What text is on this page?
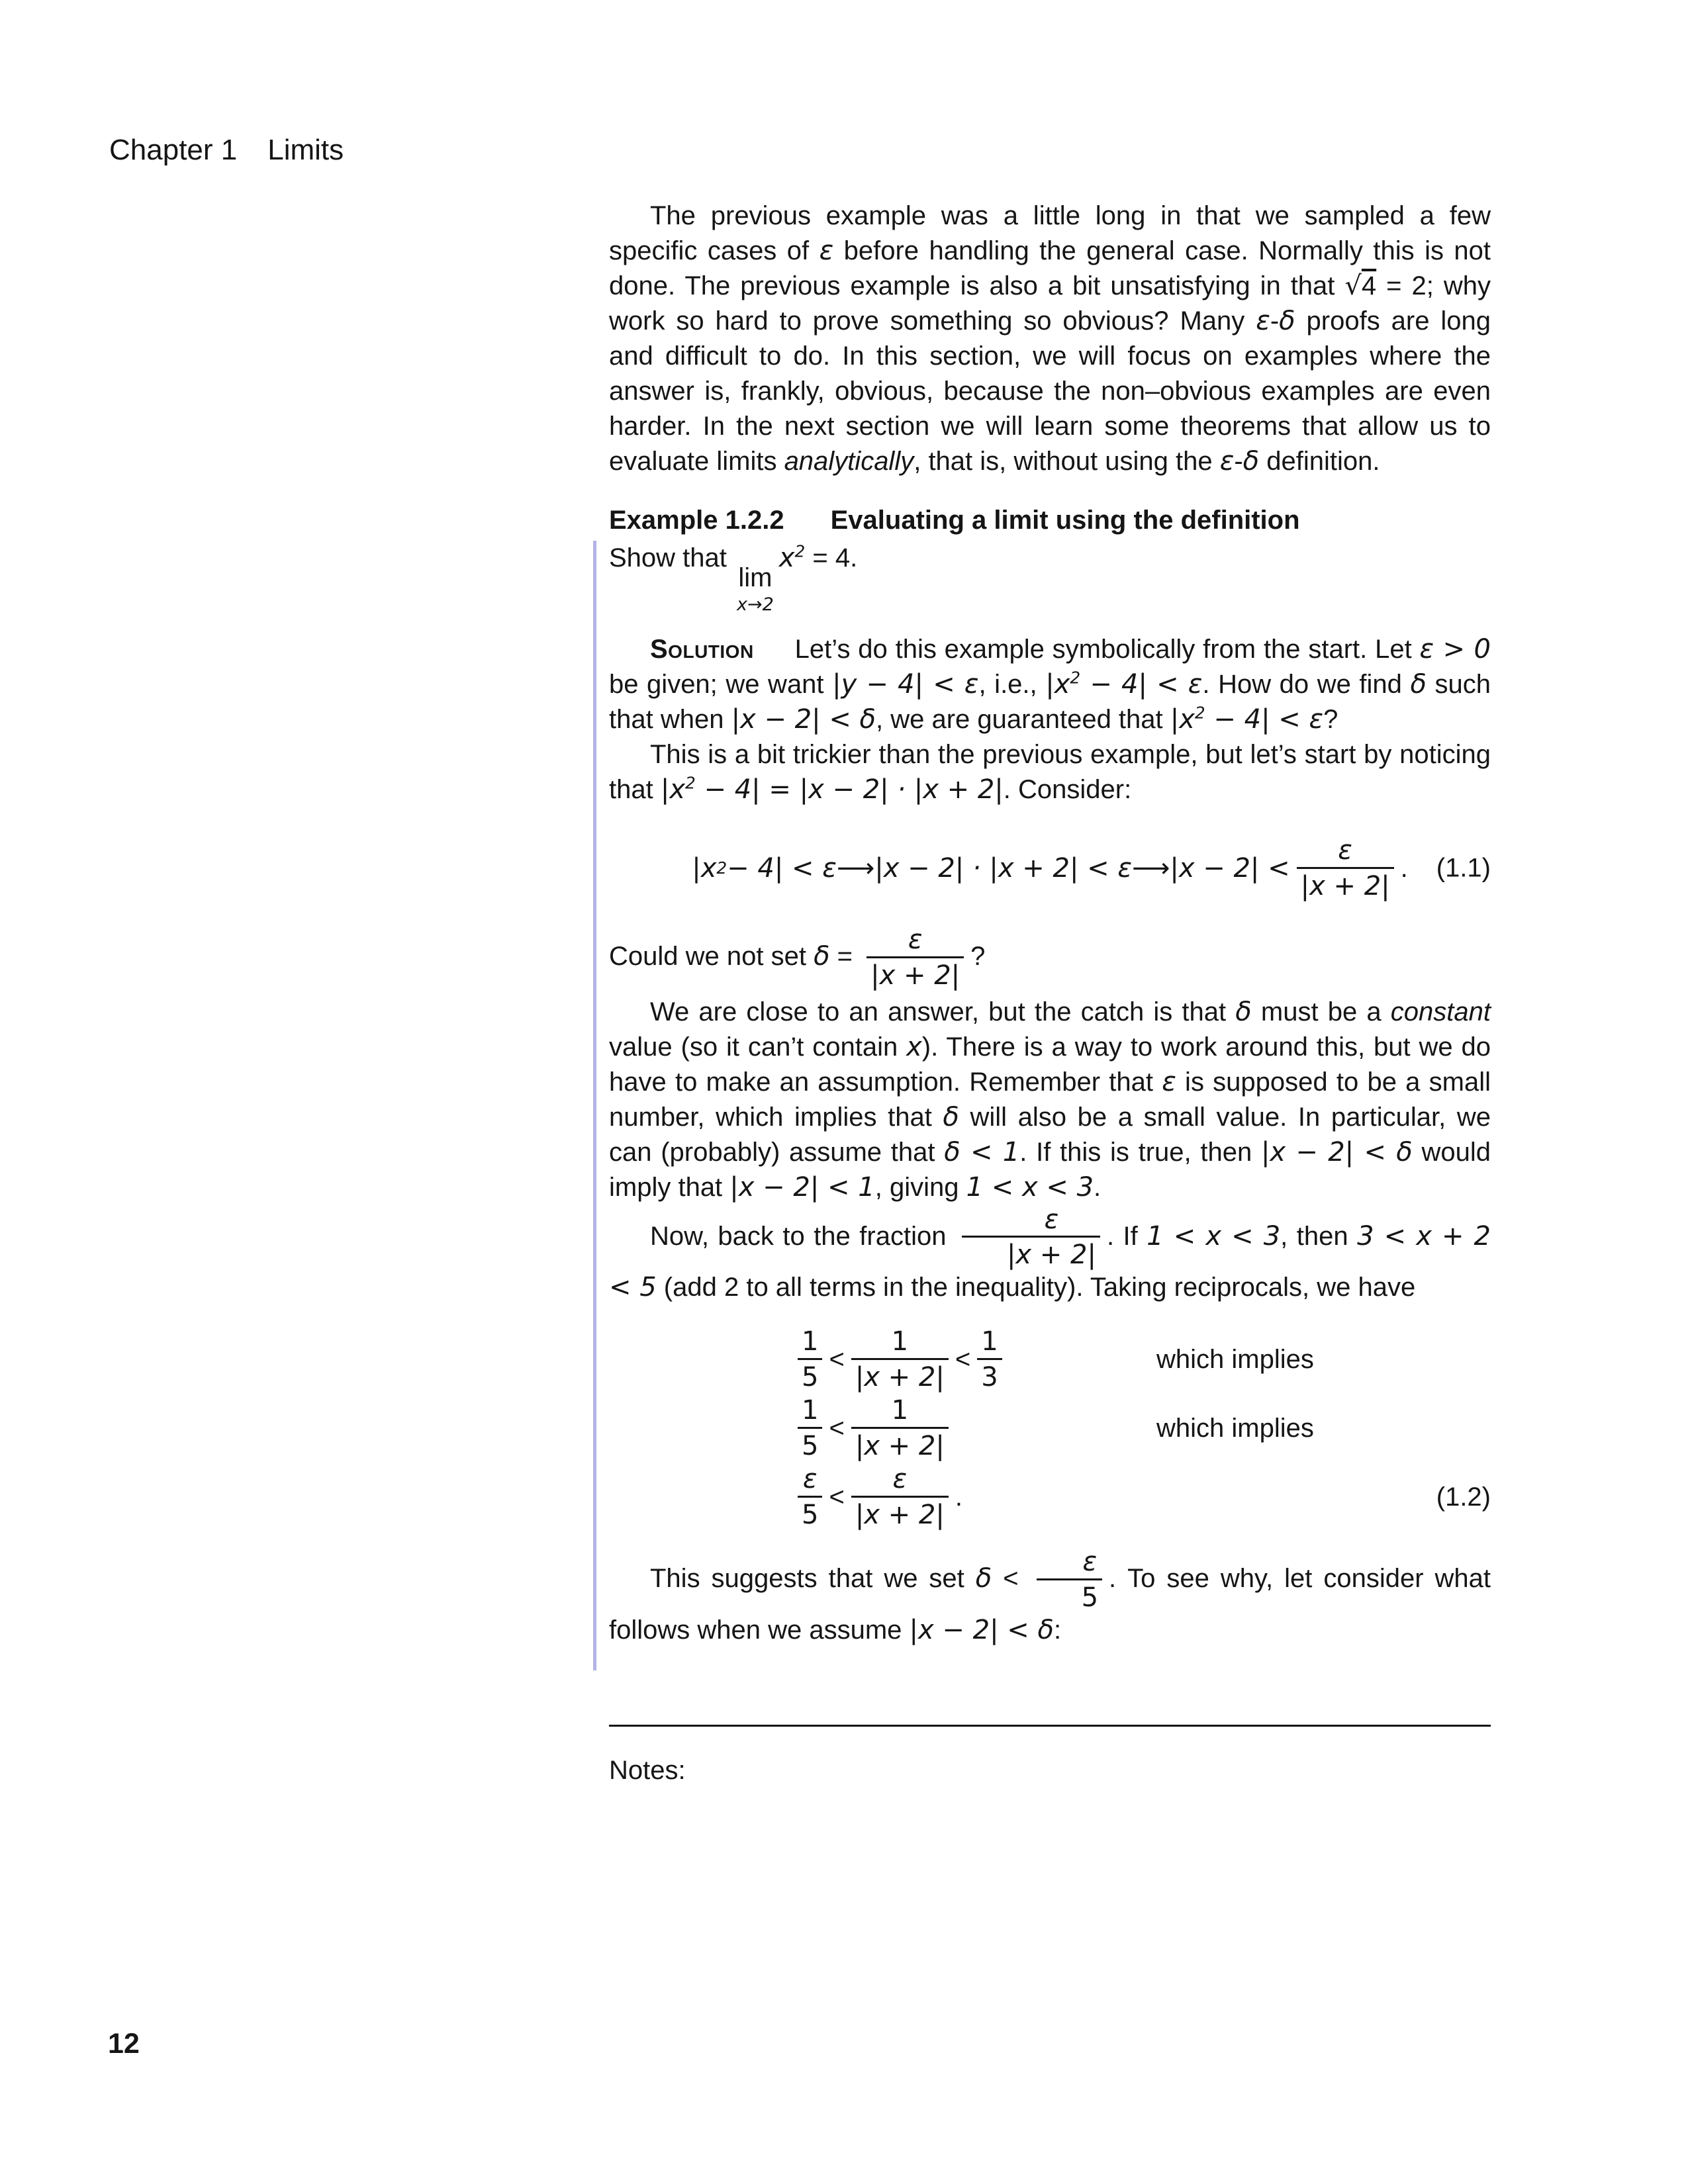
Chapter 1 Limits
The previous example was a little long in that we sampled a few specific cases of ε before handling the general case. Normally this is not done. The previous example is also a bit unsatisfying in that √4 = 2; why work so hard to prove something so obvious? Many ε-δ proofs are long and difficult to do. In this section, we will focus on examples where the answer is, frankly, obvious, because the non–obvious examples are even harder. In the next section we will learn some theorems that allow us to evaluate limits analytically, that is, without using the ε-δ definition.
Example 1.2.2 Evaluating a limit using the definition
Show that
lim
x→2
$x^2 = 4$.
Solution Let’s do this example symbolically from the start. Let ε > 0 be given; we want |y − 4| < ε, i.e., $|x^2 - 4| < \varepsilon$. How do we find δ such that when |x − 2| < δ, we are guaranteed that $|x^2 - 4| < \varepsilon$?
This is a bit trickier than the previous example, but let’s start by noticing that $|x^2 - 4| = |x - 2| \cdot |x + 2|$. Consider:
|x 2 − 4| < ε ⟶ |x − 2| · |x + 2| < ε ⟶ $|x - 2| < \frac{\varepsilon}{|x + 2|}$ . (1.1)
Could we not set $\delta = \frac{\varepsilon}{|x + 2|}$ ?
We are close to an answer, but the catch is that δ must be a constant value (so it can’t contain x). There is a way to work around this, but we do have to make an assumption. Remember that ε is supposed to be a small number, which implies that δ will also be a small value. In particular, we can (probably) assume that δ < 1. If this is true, then |x − 2| < δ would imply that |x − 2| < 1, giving 1 < x < 3.
Now, back to the fraction $\frac{\varepsilon}{|x + 2|}$ . If 1 < x < 3, then 3 < x + 2 < 5 (add 2 to all terms in the inequality). Taking reciprocals, we have
$\frac{1}{5} < \frac{1}{|x + 2|} < \frac{1}{3}$	which implies
$\frac{1}{5} < \frac{1}{|x + 2|}$	which implies
$\frac{\varepsilon}{5} < \frac{\varepsilon}{|x + 2|}$ .	(1.2)
This suggests that we set $\delta < \frac{\varepsilon}{5}$ . To see why, let consider what follows when we assume |x − 2| < δ:
Notes:
12
